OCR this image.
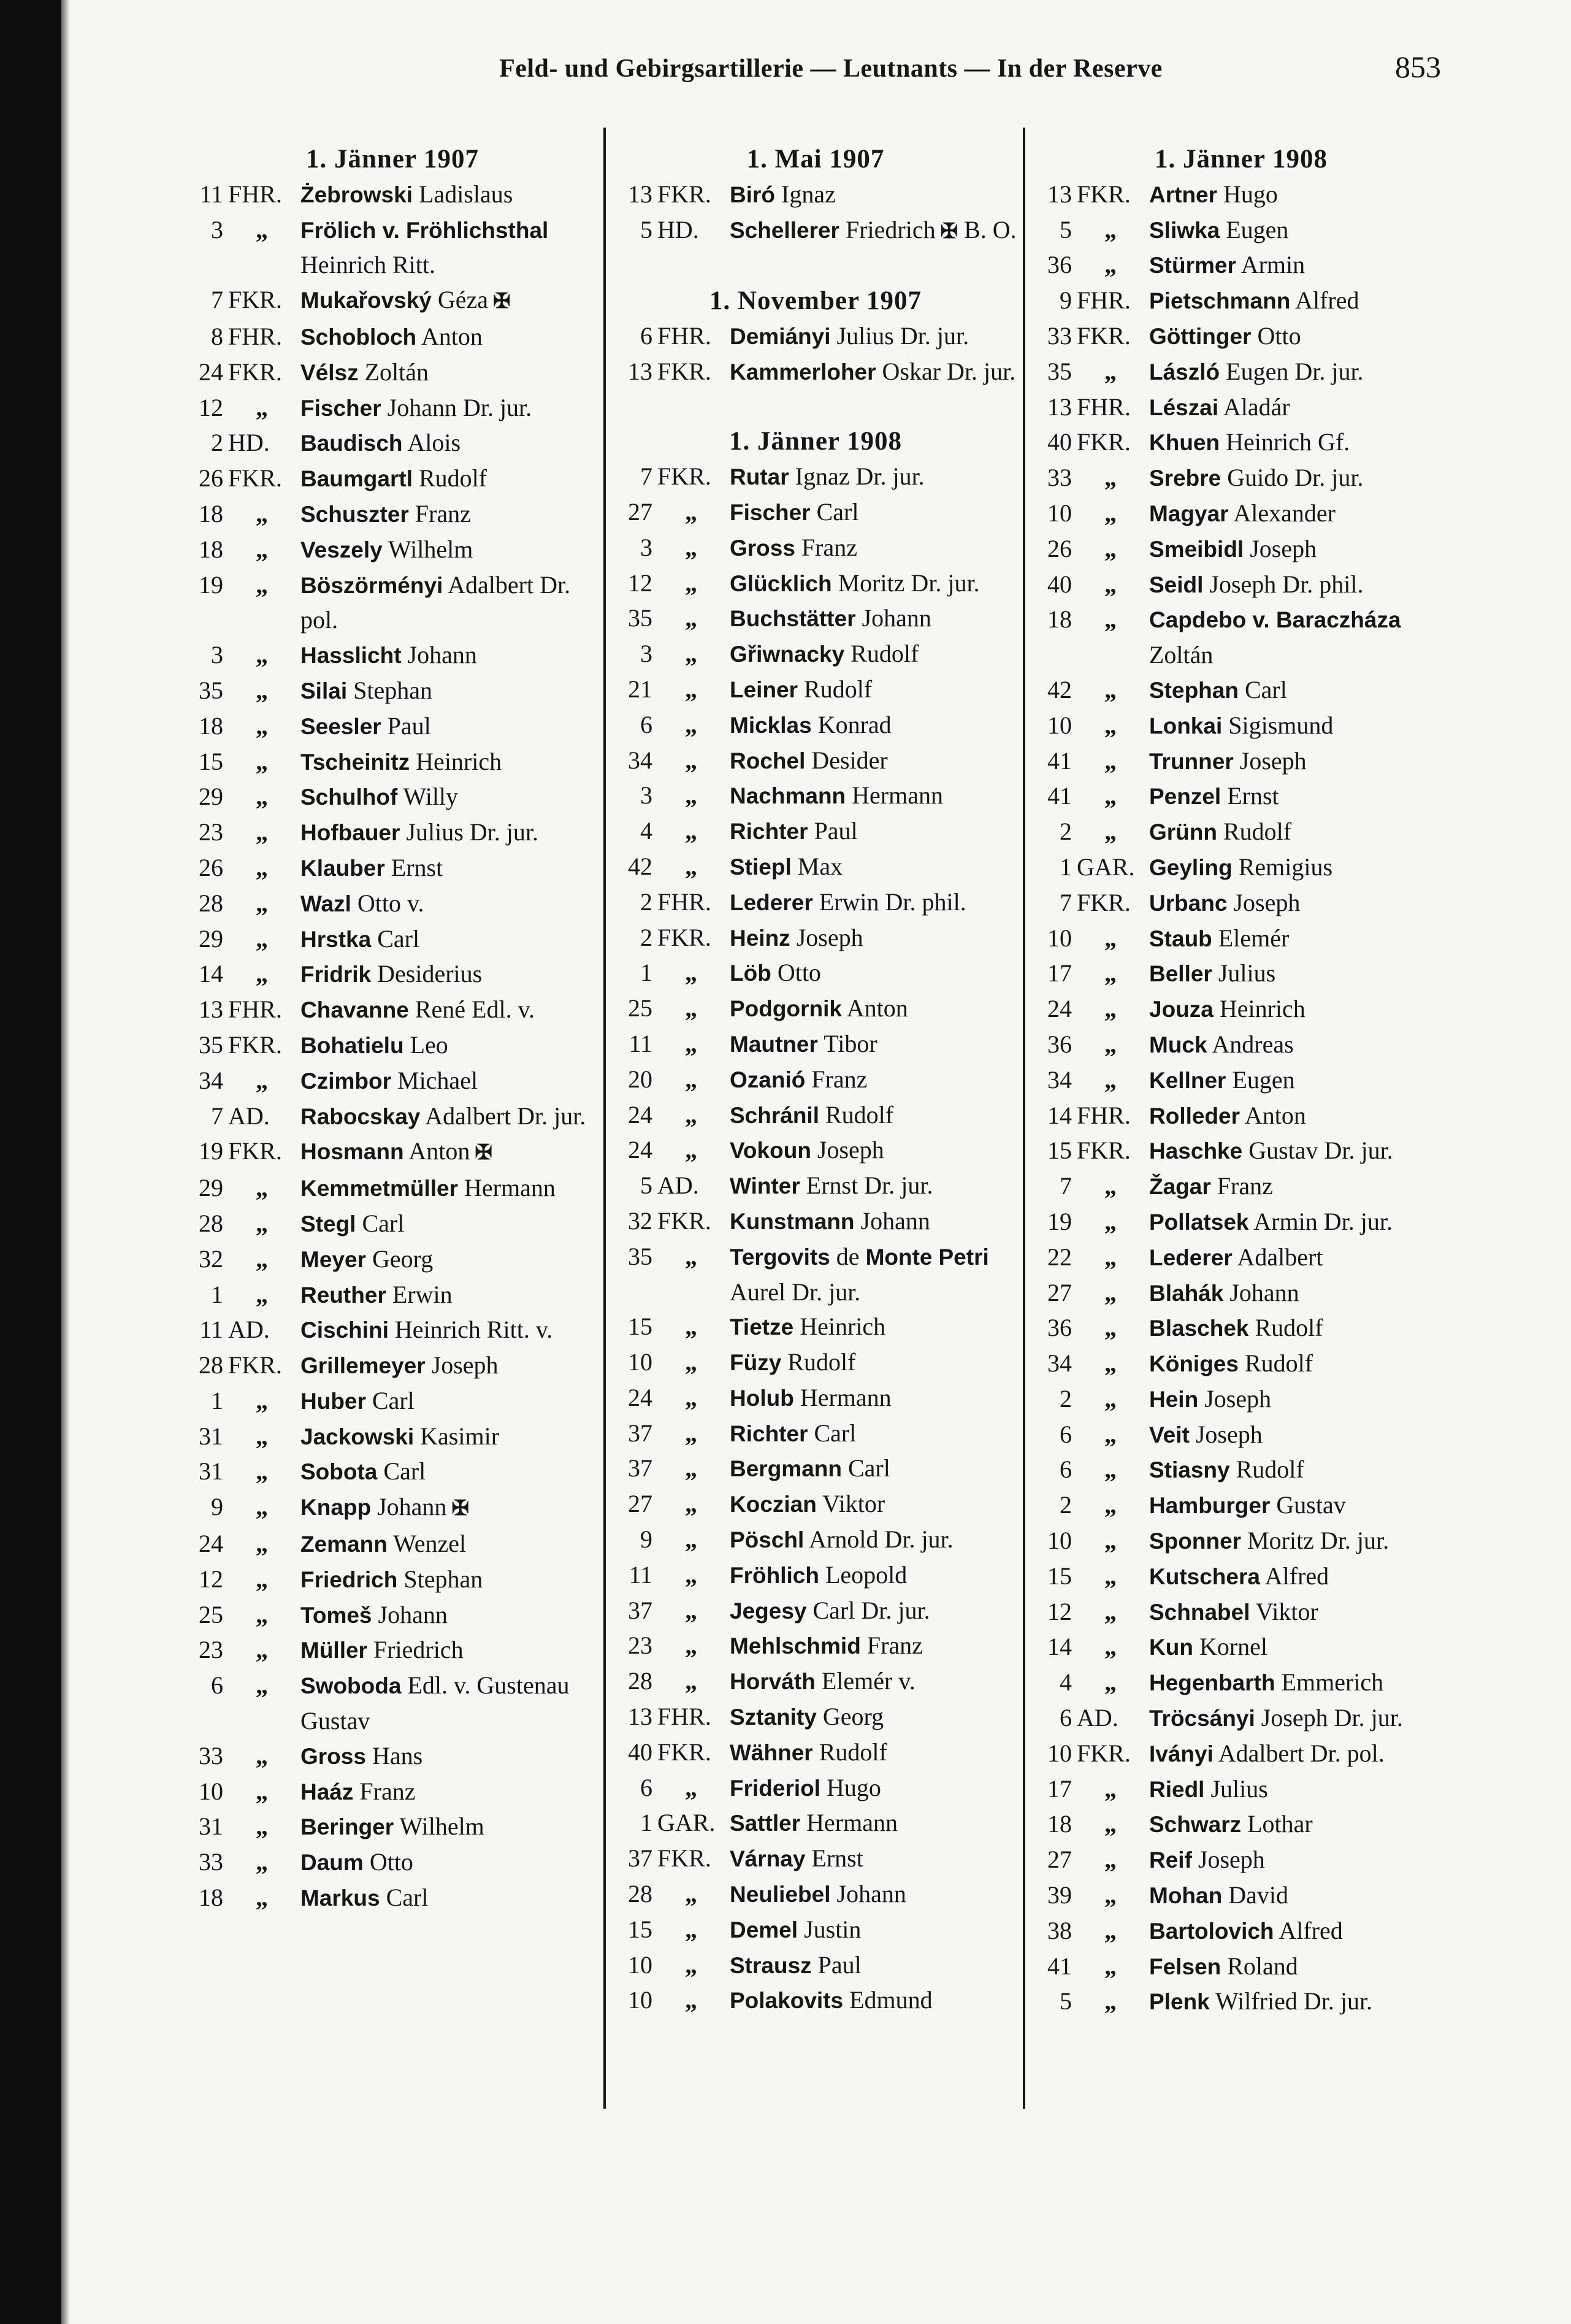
Feld- und Gebirgsartillerie — Leutnants — In der Reserve	853
1. Jänner 1907
11 FHR. Żebrowski Ladislaus
3	„	Frölich v. Fröhlichsthal Heinrich Ritt.
7 FKR. Mukařovský Géza ✠
8 FHR. Schobloch Anton
24 FKR. Vélsz Zoltán
12	„	Fischer Johann Dr. jur.
2 HD.	Baudisch Alois
26 FKR. Baumgartl Rudolf
18	„	Schuszter Franz
18	„	Veszely Wilhelm
19	„	Böszörményi Adalbert Dr. pol.
3	„	Hasslicht Johann
35	„	Silai Stephan
18	„	Seesler Paul
15	„	Tscheinitz Heinrich
29	„	Schulhof Willy
23	„	Hofbauer Julius Dr. jur.
26	„	Klauber Ernst
28	„	Wazl Otto v.
29	„	Hrstka Carl
14	„	Fridrik Desiderius
13 FHR. Chavanne René Edl. v.
35 FKR. Bohatielu Leo
34	„	Czimbor Michael
7 AD.	Rabocskay Adalbert Dr. jur.
19 FKR. Hosmann Anton ✠
29	„	Kemmetmüller Hermann
28	„	Stegl Carl
32	„	Meyer Georg
1	„	Reuther Erwin
11 AD.	Cischini Heinrich Ritt. v.
28 FKR. Grillemeyer Joseph
1	„	Huber Carl
31	„	Jackowski Kasimir
31	„	Sobota Carl
9	„	Knapp Johann ✠
24	„	Zemann Wenzel
12	„	Friedrich Stephan
25	„	Tomeš Johann
23	„	Müller Friedrich
6	„	Swoboda Edl. v. Gustenau Gustav
33	„	Gross Hans
10	„	Haáz Franz
31	„	Beringer Wilhelm
33	„	Daum Otto
18	„	Markus Carl
1. Mai 1907
13 FKR. Biró Ignaz
5 HD.	Schellerer Friedrich ✠ B. O.
1. November 1907
6 FHR. Demiányi Julius Dr. jur.
13 FKR. Kammerloher Oskar Dr. jur.
1. Jänner 1908
7 FKR. Rutar Ignaz Dr. jur.
27	„	Fischer Carl
3	„	Gross Franz
12	„	Glücklich Moritz Dr. jur.
35	„	Buchstätter Johann
3	„	Gřiwnacky Rudolf
21	„	Leiner Rudolf
6	„	Micklas Konrad
34	„	Rochel Desider
3	„	Nachmann Hermann
4	„	Richter Paul
42	„	Stiepl Max
2 FHR. Lederer Erwin Dr. phil.
2 FKR. Heinz Joseph
1	„	Löb Otto
25	„	Podgornik Anton
11	„	Mautner Tibor
20	„	Ozanió Franz
24	„	Schránil Rudolf
24	„	Vokoun Joseph
5 AD.	Winter Ernst Dr. jur.
32 FKR. Kunstmann Johann
35	„	Tergovits de Monte Petri Aurel Dr. jur.
15	„	Tietze Heinrich
10	„	Füzy Rudolf
24	„	Holub Hermann
37	„	Richter Carl
37	„	Bergmann Carl
27	„	Koczian Viktor
9	„	Pöschl Arnold Dr. jur.
11	„	Fröhlich Leopold
37	„	Jegesy Carl Dr. jur.
23	„	Mehlschmid Franz
28	„	Horváth Elemér v.
13 FHR. Sztanity Georg
40 FKR. Wähner Rudolf
6	„	Frideriol Hugo
1 GAR. Sattler Hermann
37 FKR. Várnay Ernst
28	„	Neuliebel Johann
15	„	Demel Justin
10	„	Strausz Paul
10	„	Polakovits Edmund
1. Jänner 1908
13 FKR. Artner Hugo
5	„	Sliwka Eugen
36	„	Stürmer Armin
9 FHR. Pietschmann Alfred
33 FKR. Göttinger Otto
35	„	László Eugen Dr. jur.
13 FHR. Lészai Aladár
40 FKR. Khuen Heinrich Gf.
33	„	Srebre Guido Dr. jur.
10	„	Magyar Alexander
26	„	Smeibidl Joseph
40	„	Seidl Joseph Dr. phil.
18	„	Capdebo v. Baraczháza Zoltán
42	„	Stephan Carl
10	„	Lonkai Sigismund
41	„	Trunner Joseph
41	„	Penzel Ernst
2	„	Grünn Rudolf
1 GAR. Geyling Remigius
7 FKR. Urbanc Joseph
10	„	Staub Elemér
17	„	Beller Julius
24	„	Jouza Heinrich
36	„	Muck Andreas
34	„	Kellner Eugen
14 FHR. Rolleder Anton
15 FKR. Haschke Gustav Dr. jur.
7	„	Žagar Franz
19	„	Pollatsek Armin Dr. jur.
22	„	Lederer Adalbert
27	„	Blahák Johann
36	„	Blaschek Rudolf
34	„	Königes Rudolf
2	„	Hein Joseph
6	„	Veit Joseph
6	„	Stiasny Rudolf
2	„	Hamburger Gustav
10	„	Sponner Moritz Dr. jur.
15	„	Kutschera Alfred
12	„	Schnabel Viktor
14	„	Kun Kornel
4	„	Hegenbarth Emmerich
6 AD.	Tröcsányi Joseph Dr. jur.
10 FKR. Iványi Adalbert Dr. pol.
17	„	Riedl Julius
18	„	Schwarz Lothar
27	„	Reif Joseph
39	„	Mohan David
38	„	Bartolovich Alfred
41	„	Felsen Roland
5	„	Plenk Wilfried Dr. jur.
